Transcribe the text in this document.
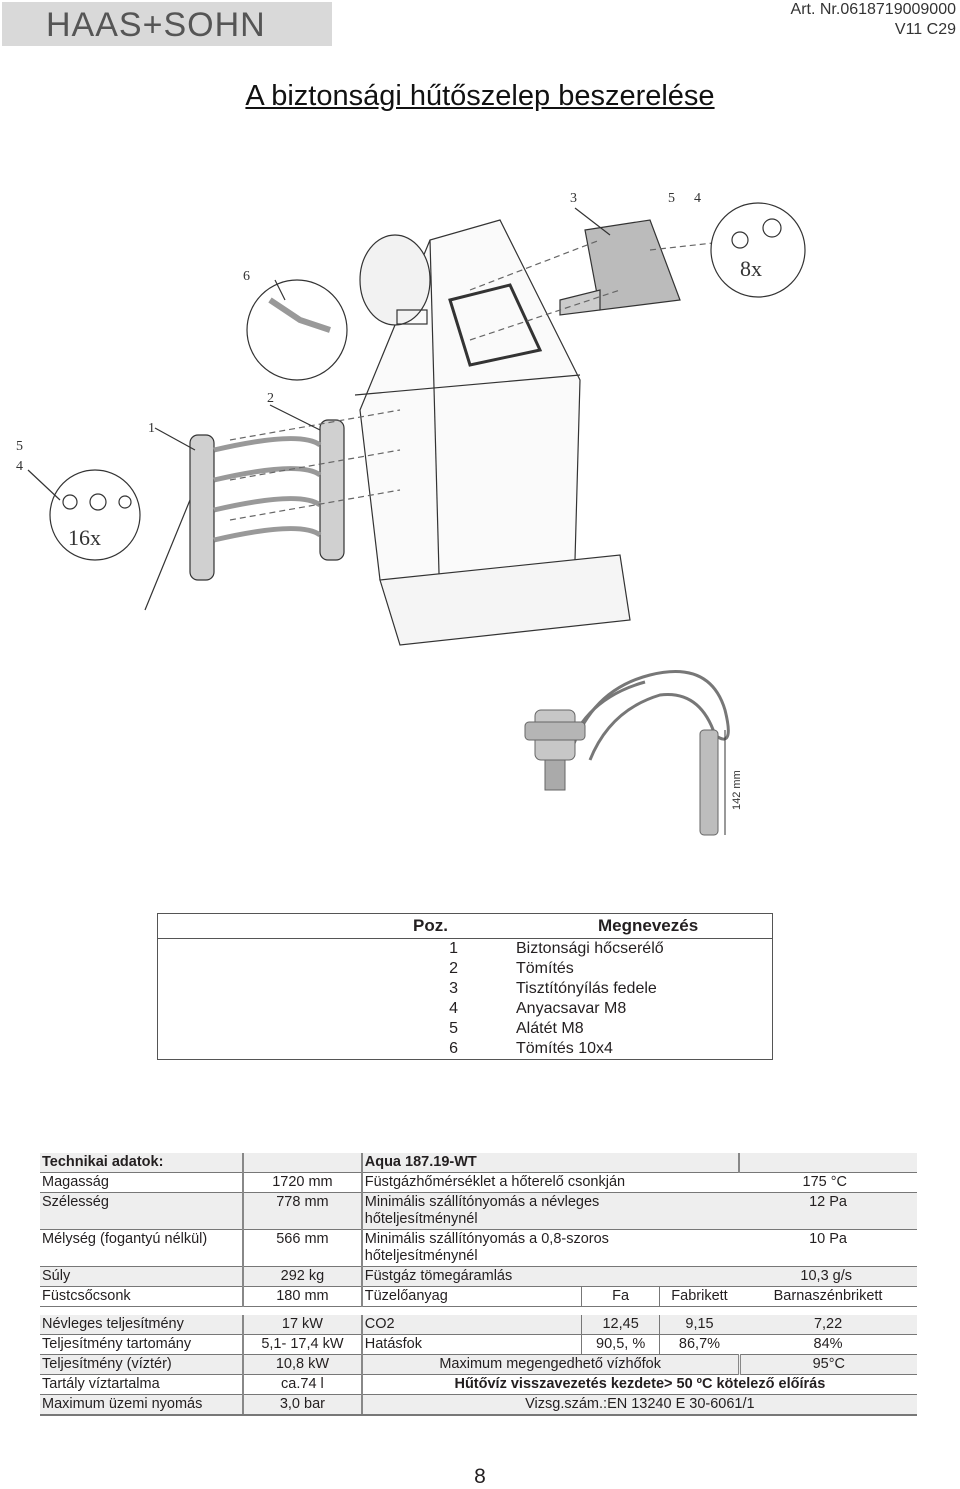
HAAS+SOHN	Art. Nr.0618719009000
V11 C29
A biztonsági hűtőszelep beszerelése
3	5 4
6
2
1
5
4
8x
16x
142 mm
Poz.	Megnevezés
1	Biztonsági hőcserélő
2	Tömítés
3	Tisztítónyílás fedele
4	Anyacsavar M8
5	Alátét M8
6	Tömítés 10x4
Technikai adatok:		Aqua 187.19-WT			
Magasság	1720 mm	Füstgázhőmérséklet a hőterelő csonkján			175 °C
Szélesség	778 mm	Minimális szállítónyomás a névleges hőteljesítménynél			12 Pa
Mélység (fogantyú nélkül)	566 mm	Minimális szállítónyomás a 0,8-szoros hőteljesítménynél			10 Pa
Súly	292 kg	Füstgáz tömegáramlás			10,3 g/s
Füstcsőcsonk	180 mm	Tüzelőanyag	Fa	Fabrikett	Barnaszénbrikett

Névleges teljesítmény	17 kW	CO2	12,45	9,15	7,22
Teljesítmény tartomány	5,1- 17,4 kW	Hatásfok	90,5, %	86,7%	84%
Teljesítmény (víztér)	10,8 kW	Maximum megengedhető vízhőfok			95°C
Tartály víztartalma	ca.74 l	Hűtővíz visszavezetés kezdete> 50 ºC kötelező előírás			
Maximum üzemi nyomás	3,0 bar	Vizsg.szám.:EN 13240 E 30-6061/1			
8
